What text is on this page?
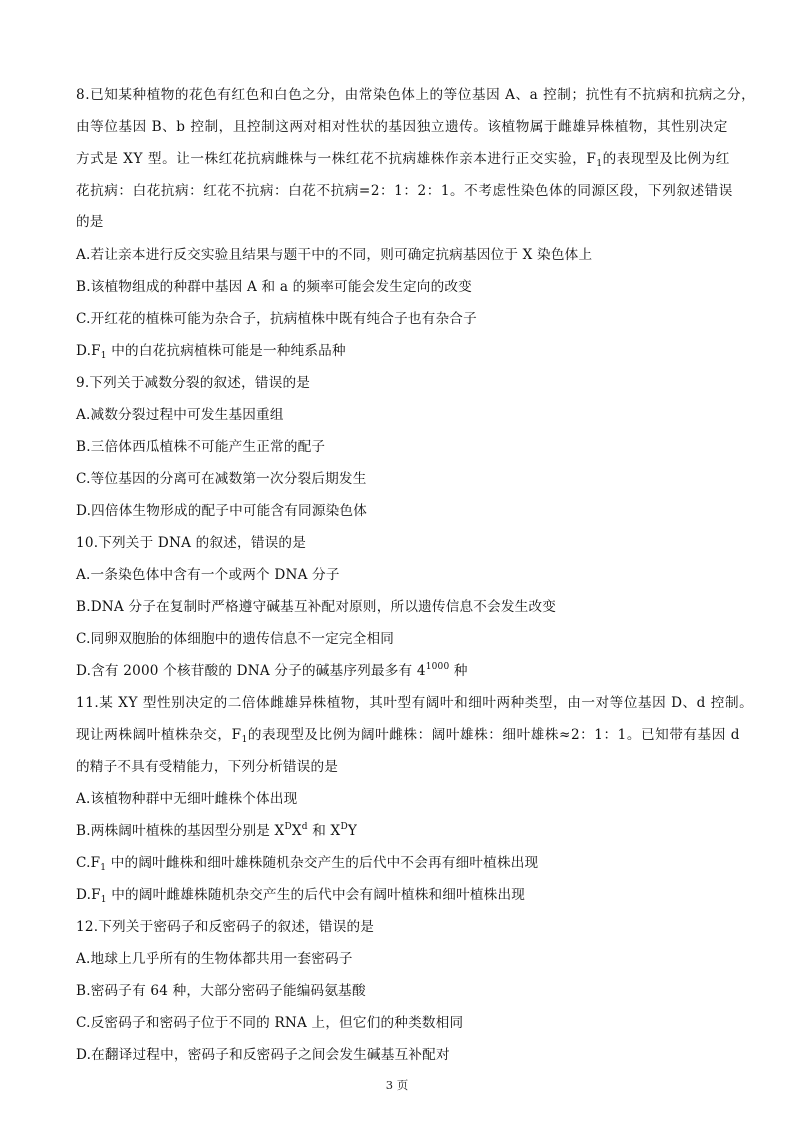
8.已知某种植物的花色有红色和白色之分，由常染色体上的等位基因 A、a 控制；抗性有不抗病和抗病之分，
由等位基因 B、b 控制，且控制这两对相对性状的基因独立遗传。该植物属于雌雄异株植物，其性别决定
方式是 XY 型。让一株红花抗病雌株与一株红花不抗病雄株作亲本进行正交实验，$F_1$的表现型及比例为红
花抗病：白花抗病：红花不抗病：白花不抗病=2：1：2：1。不考虑性染色体的同源区段，下列叙述错误
的是
A.若让亲本进行反交实验且结果与题干中的不同，则可确定抗病基因位于 X 染色体上
B.该植物组成的种群中基因 A 和 a 的频率可能会发生定向的改变
C.开红花的植株可能为杂合子，抗病植株中既有纯合子也有杂合子
$D.F_1$ 中的白花抗病植株可能是一种纯系品种
9.下列关于减数分裂的叙述，错误的是
A.减数分裂过程中可发生基因重组
B.三倍体西瓜植株不可能产生正常的配子
C.等位基因的分离可在减数第一次分裂后期发生
D.四倍体生物形成的配子中可能含有同源染色体
10.下列关于 DNA 的叙述，错误的是
A.一条染色体中含有一个或两个 DNA 分子
B.DNA 分子在复制时严格遵守碱基互补配对原则，所以遗传信息不会发生改变
C.同卵双胞胎的体细胞中的遗传信息不一定完全相同
D.含有 2000 个核苷酸的 DNA 分子的碱基序列最多有 $4^{1000}$ 种
11.某 XY 型性别决定的二倍体雌雄异株植物，其叶型有阔叶和细叶两种类型，由一对等位基因 D、d 控制。
现让两株阔叶植株杂交，$F_1$的表现型及比例为阔叶雌株：阔叶雄株：细叶雄株≈2：1：1。已知带有基因 d
的精子不具有受精能力，下列分析错误的是
A.该植物种群中无细叶雌株个体出现
B.两株阔叶植株的基因型分别是 $X^DX^d$ 和 $X^DY$
$C.F_1$ 中的阔叶雌株和细叶雄株随机杂交产生的后代中不会再有细叶植株出现
$D.F_1$ 中的阔叶雌雄株随机杂交产生的后代中会有阔叶植株和细叶植株出现
12.下列关于密码子和反密码子的叙述，错误的是
A.地球上几乎所有的生物体都共用一套密码子
B.密码子有 64 种，大部分密码子能编码氨基酸
C.反密码子和密码子位于不同的 RNA 上，但它们的种类数相同
D.在翻译过程中，密码子和反密码子之间会发生碱基互补配对
3 页
